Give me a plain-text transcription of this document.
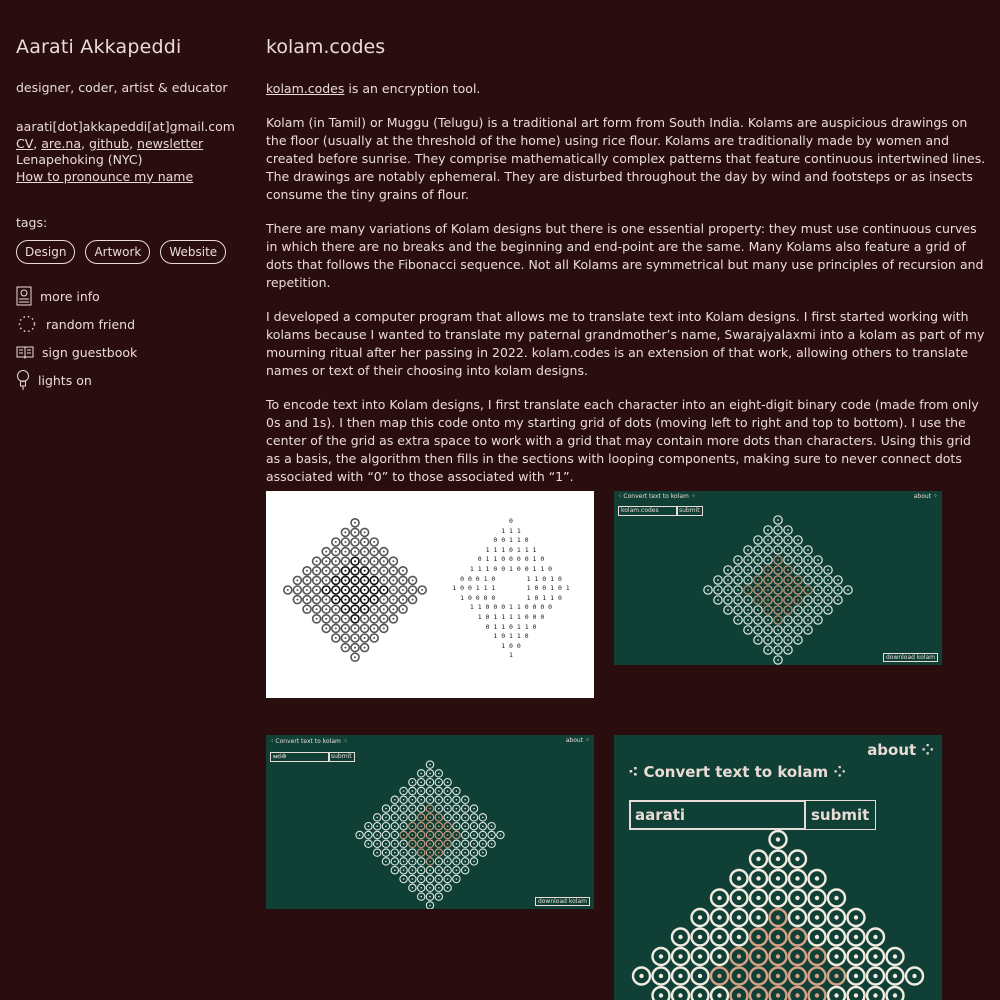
Aarati Akkapeddi

designer, coder, artist & educator

aarati[dot]akkapeddi[at]gmail.com
CV, are.na, github, newsletter
Lenapehoking (NYC)
How to pronounce my name
tags:
Design Artwork Website
more info
random friend
sign guestbook
lights on
kolam.codes

kolam.codes is an encryption tool.

Kolam (in Tamil) or Muggu (Telugu) is a traditional art form from South India. Kolams are auspicious drawings on the floor (usually at the threshold of the home) using rice flour. Kolams are traditionally made by women and created before sunrise. They comprise mathematically complex patterns that feature continuous intertwined lines. The drawings are notably ephemeral. They are disturbed throughout the day by wind and footsteps or as insects consume the tiny grains of flour.

There are many variations of Kolam designs but there is one essential property: they must use continuous curves in which there are no breaks and the beginning and end-point are the same. Many Kolams also feature a grid of dots that follows the Fibonacci sequence. Not all Kolams are symmetrical but many use principles of recursion and repetition.

I developed a computer program that allows me to translate text into Kolam designs. I first started working with kolams because I wanted to translate my paternal grandmother’s name, Swarajyalaxmi into a kolam as part of my mourning ritual after her passing in 2022. kolam.codes is an extension of that work, allowing others to translate names or text of their choosing into kolam designs.

To encode text into Kolam designs, I first translate each character into an eight-digit binary code (made from only 0s and 1s). I then map this code onto my starting grid of dots (moving left to right and top to bottom). I use the center of the grid as extra space to work with a grid that may contain more dots than characters. Using this grid as a basis, the algorithm then fills in the sections with looping components, making sure to never connect dots associated with “0” to those associated with “1”.

0
1 1 1
0 0 1 1 0
1 1 1 0 1 1 1
0 1 1 0 0 0 0 1 0
1 1 1 0 0 1 0 0 1 1 0
0 0 0 1 0        1 1 0 1 0
1 0 0 1 1 1        1 0 0 1 0 1
1 0 0 0 0        1 0 1 1 0
1 1 0 0 0 1 1 0 0 0 0
1 0 1 1 1 1 0 0 0
0 1 1 0 1 1 0
1 0 1 1 0
1 0 0
1
⁖ Convert text to kolam ⁘	about ⁘
kolam.codes	submit
download kolam
⁖ Convert text to kolam ⁘	about ⁘
ఆరతి	submit
download kolam
about ⁘
⁖ Convert text to kolam ⁘
aarati	submit
